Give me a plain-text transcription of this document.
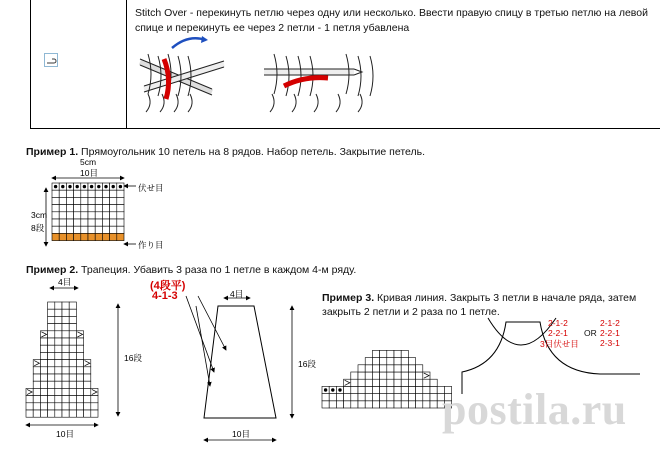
Stitch Over - перекинуть петлю через одну или несколько. Ввести правую спицу в третью петлю на левой
спице и перекинуть ее через 2 петли - 1 петля убавлена
Пример 1. Прямоугольник 10 петель на 8 рядов. Набор петель. Закрытие петель.
5cm
10目
3cm
8段
伏せ目
作り目
Пример 2. Трапеция. Убавить 3 раза по 1 петле в каждом 4-м ряду.
4目
16段
10目
(4段平)
4-1-3	4目
16段
10目
Пример 3. Кривая линия. Закрыть 3 петли в начале ряда, затем
закрыть 2 петли и 2 раза по 1 петле.
2-1-2
2-2-1
3目伏せ目
OR
2-1-2
2-2-1
2-3-1
postila.ru
